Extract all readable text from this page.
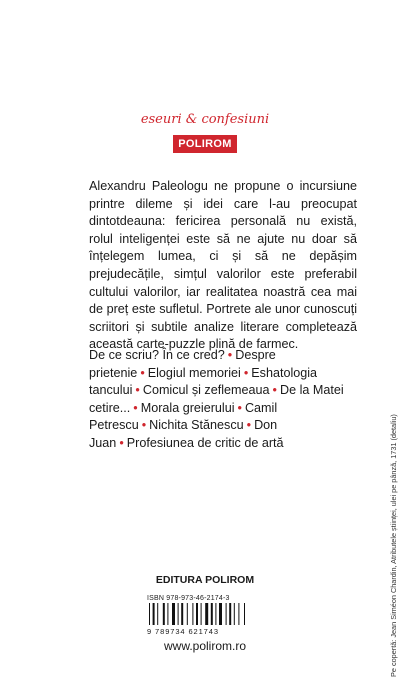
eseuri & confesiuni
POLIROM

Alexandru Paleologu ne propune o incursiune printre dileme și idei care l-au preocupat dintotdeauna: fericirea personală nu există, rolul inteligenței este să ne ajute nu doar să înțelegem lumea, ci și să ne depășim prejudecățile, simțul valorilor este preferabil cultului valorilor, iar realitatea noastră cea mai de preț este sufletul. Portrete ale unor cunoscuți scriitori și subtile analize literare completează această carte-puzzle plină de farmec.

De ce scriu? În ce cred? • Despre prietenie • Elogiul memoriei • Eshatologia tancului • Comicul și zeflemeaua • De la Matei cetire... • Morala greierului • Camil Petrescu • Nichita Stănescu • Don Juan • Profesiunea de critic de artă

EDITURA POLIROM
ISBN 978-973-46-2174-3
9 789734 621743
www.polirom.ro	Pe copertă: Jean Siméon Chardin, Atributele științei, ulei pe pânză, 1731 (detaliu)
